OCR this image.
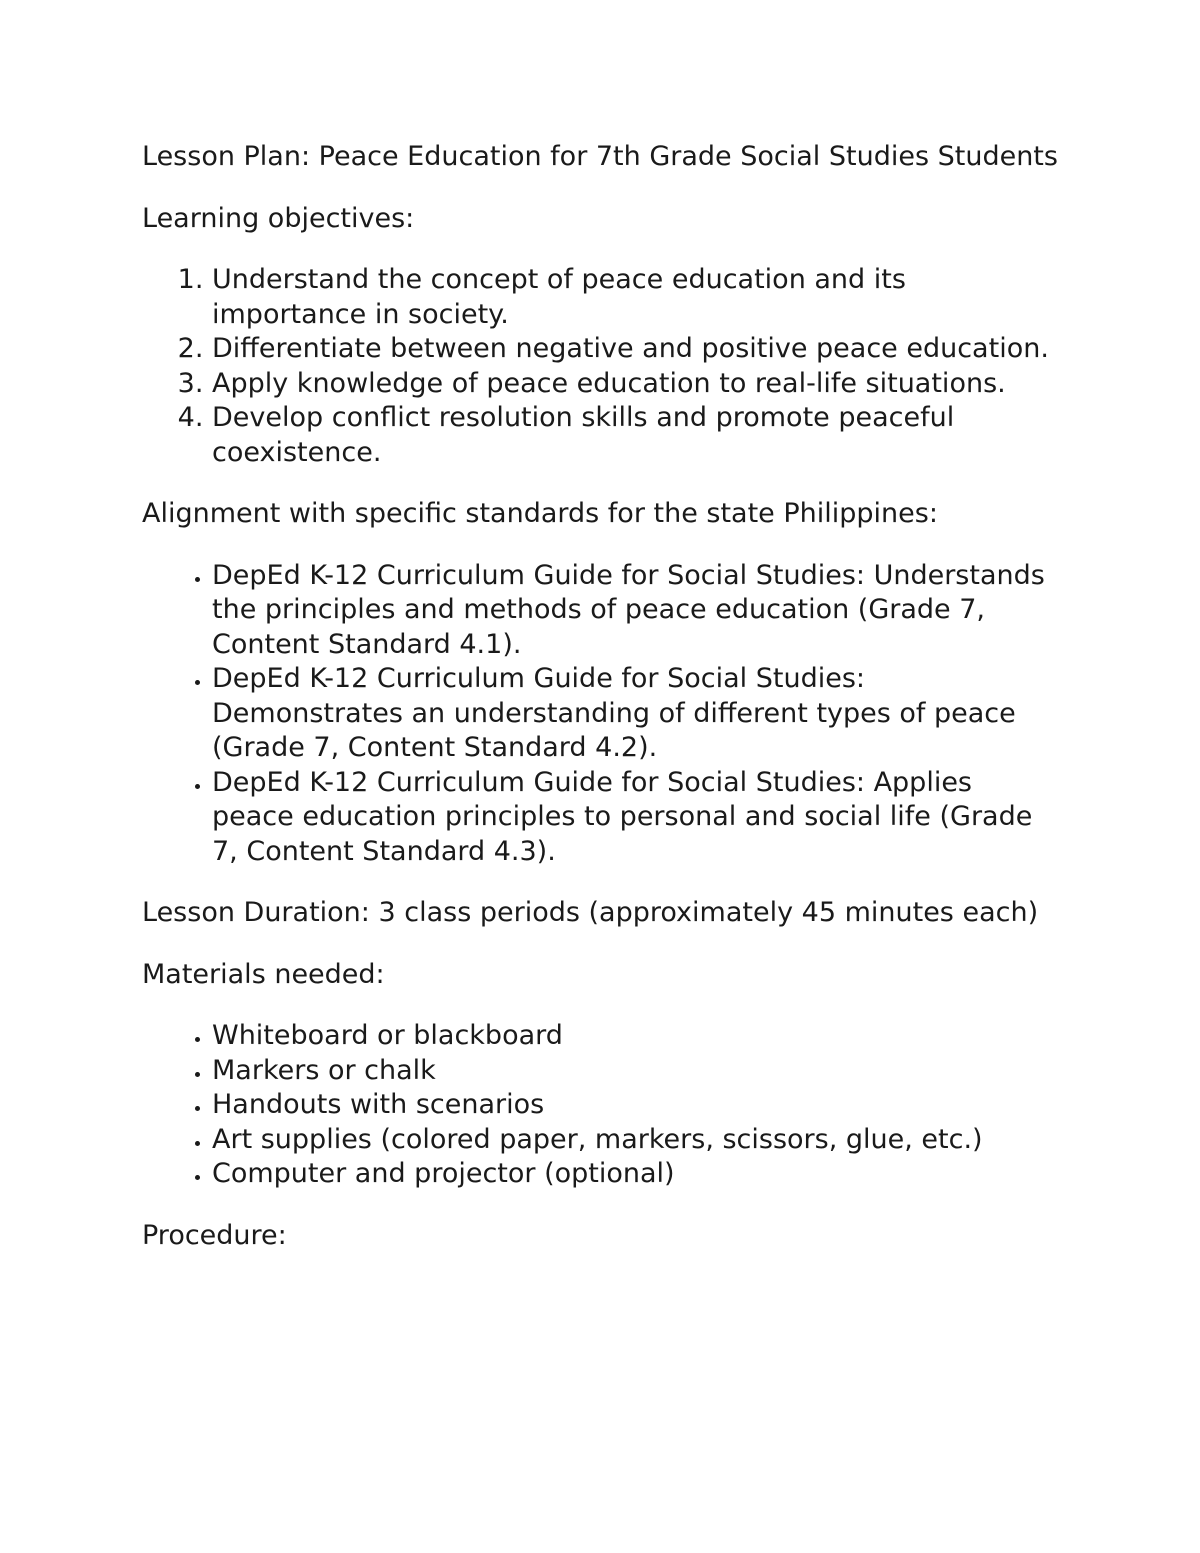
Lesson Plan: Peace Education for 7th Grade Social Studies Students

Learning objectives:

1. Understand the concept of peace education and its importance in society.
2. Differentiate between negative and positive peace education.
3. Apply knowledge of peace education to real-life situations.
4. Develop conflict resolution skills and promote peaceful coexistence.

Alignment with specific standards for the state Philippines:

• DepEd K-12 Curriculum Guide for Social Studies: Understands the principles and methods of peace education (Grade 7, Content Standard 4.1).
• DepEd K-12 Curriculum Guide for Social Studies: Demonstrates an understanding of different types of peace (Grade 7, Content Standard 4.2).
• DepEd K-12 Curriculum Guide for Social Studies: Applies peace education principles to personal and social life (Grade 7, Content Standard 4.3).

Lesson Duration: 3 class periods (approximately 45 minutes each)

Materials needed:

• Whiteboard or blackboard
• Markers or chalk
• Handouts with scenarios
• Art supplies (colored paper, markers, scissors, glue, etc.)
• Computer and projector (optional)

Procedure:
